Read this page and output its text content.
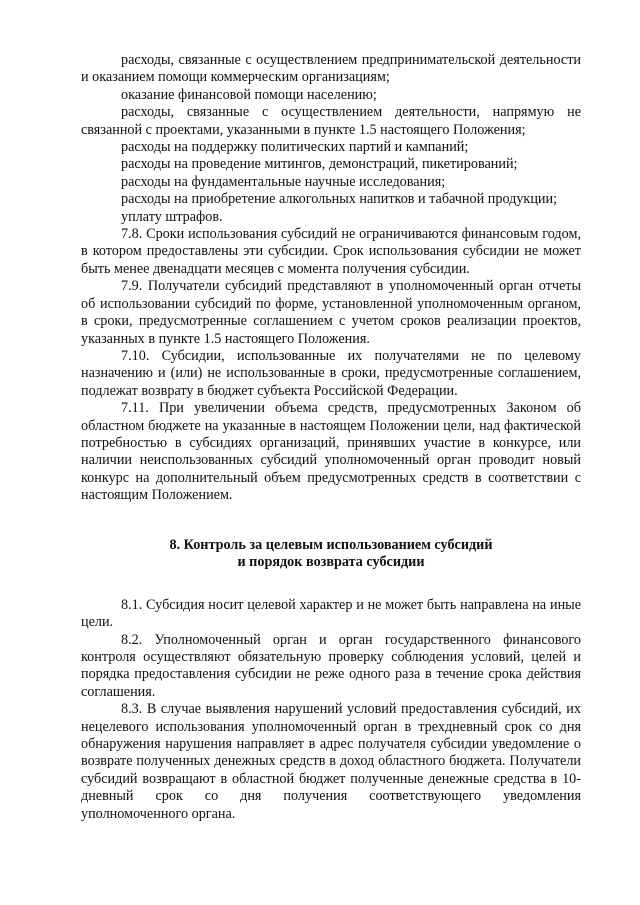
расходы, связанные с осуществлением предпринимательской деятельности и оказанием помощи коммерческим организациям;

оказание финансовой помощи населению;

расходы, связанные с осуществлением деятельности, напрямую не связанной с проектами, указанными в пункте 1.5 настоящего Положения;

расходы на поддержку политических партий и кампаний;

расходы на проведение митингов, демонстраций, пикетирований;

расходы на фундаментальные научные исследования;

расходы на приобретение алкогольных напитков и табачной продукции;

уплату штрафов.

7.8. Сроки использования субсидий не ограничиваются финансовым годом, в котором предоставлены эти субсидии. Срок использования субсидии не может быть менее двенадцати месяцев с момента получения субсидии.

7.9. Получатели субсидий представляют в уполномоченный орган отчеты об использовании субсидий по форме, установленной уполномоченным органом, в сроки, предусмотренные соглашением с учетом сроков реализации проектов, указанных в пункте 1.5 настоящего Положения.

7.10. Субсидии, использованные их получателями не по целевому назначению и (или) не использованные в сроки, предусмотренные соглашением, подлежат возврату в бюджет субъекта Российской Федерации.

7.11. При увеличении объема средств, предусмотренных Законом об областном бюджете на указанные в настоящем Положении цели, над фактической потребностью в субсидиях организаций, принявших участие в конкурсе, или наличии неиспользованных субсидий уполномоченный орган проводит новый конкурс на дополнительный объем предусмотренных средств в соответствии с настоящим Положением.

8. Контроль за целевым использованием субсидий
и порядок возврата субсидии

8.1. Субсидия носит целевой характер и не может быть направлена на иные цели.

8.2. Уполномоченный орган и орган государственного финансового контроля осуществляют обязательную проверку соблюдения условий, целей и порядка предоставления субсидии не реже одного раза в течение срока действия соглашения.

8.3. В случае выявления нарушений условий предоставления субсидий, их нецелевого использования уполномоченный орган в трехдневный срок со дня обнаружения нарушения направляет в адрес получателя субсидии уведомление о возврате полученных денежных средств в доход областного бюджета. Получатели субсидий возвращают в областной бюджет полученные денежные средства в 10-дневный срок со дня получения соответствующего уведомления уполномоченного органа.
